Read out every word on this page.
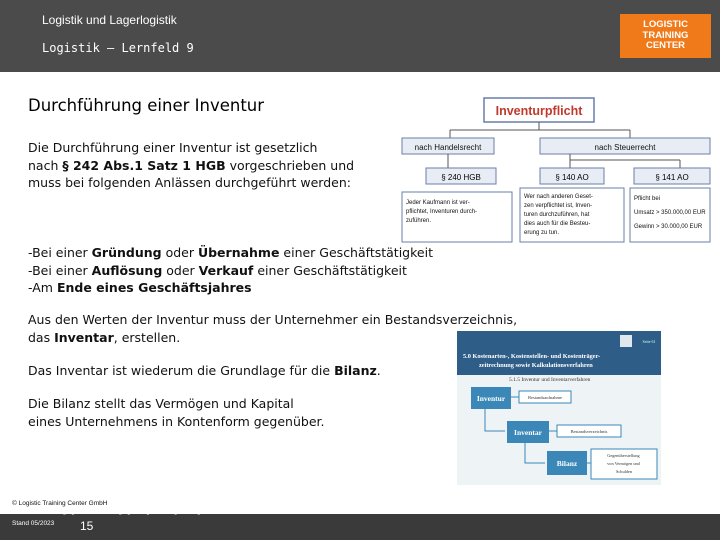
Logistik und Lagerlogistik
Logistik – Lernfeld 9
LOGISTIC
TRAINING
CENTER
Durchführung einer Inventur
Die Durchführung einer Inventur ist gesetzlich
nach § 242 Abs.1 Satz 1 HGB vorgeschrieben und
muss bei folgenden Anlässen durchgeführt werden:
-Bei einer Gründung oder Übernahme einer Geschäftstätigkeit
-Bei einer Auflösung oder Verkauf einer Geschäftstätigkeit
-Am Ende eines Geschäftsjahres
Aus den Werten der Inventur muss der Unternehmer ein Bestandsverzeichnis,
das Inventar, erstellen.
Das Inventar ist wiederum die Grundlage für die Bilanz.
Die Bilanz stellt das Vermögen und Kapital
eines Unternehmens in Kontenform gegenüber.
Inventurpflicht
nach Handelsrecht	nach Steuerrecht
§ 240 HGB	§ 140 AO	§ 141 AO
Jeder Kaufmann ist ver- pflichtet, Inventuren durch- zuführen.
Wer nach anderen Geset- zen verpflichtet ist, Inven- turen durchzuführen, hat dies auch für die Besteu- erung zu tun.
Pflicht bei Umsatz > 350.000,00 EUR Gewinn > 30.000,00 EUR
Seite 61
5.0 Kostenarten-, Kostenstellen- und Kostenträger- zeitrechnung sowie Kalkulationsverfahren
5.1.5 Inventur und Inventarverfahren
Inventur	Bestandsaufnahme
Inventar	Bestandsverzeichnis
Bilanz
Gegenüberstellung von Vermögen und Schulden
© Logistic Training Center GmbH
Jede Art der Vervielfältigung ist nur mit Genehmigung des Logistic Training Centers gestattet.
Stand 05/2023 15
